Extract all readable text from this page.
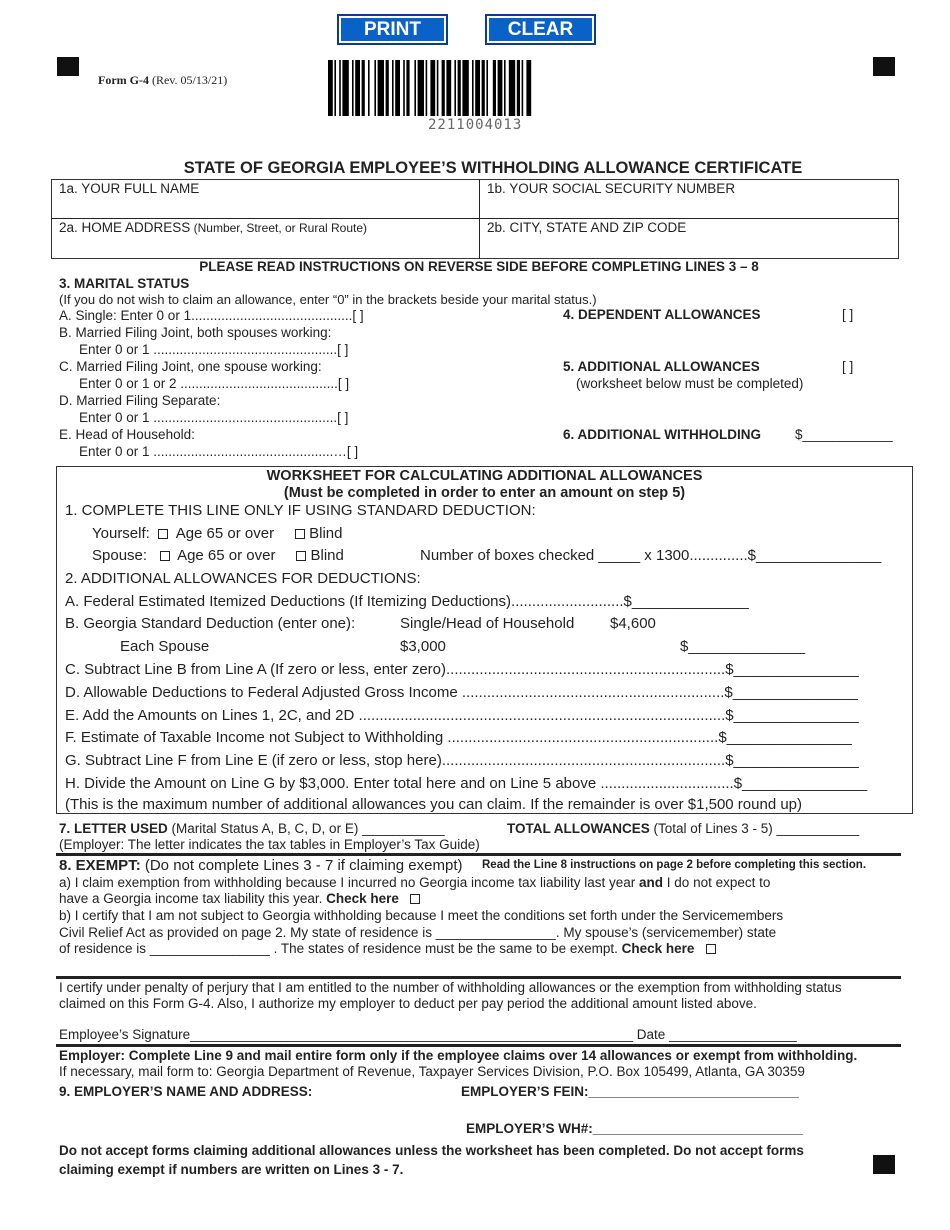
PRINT	CLEAR
Form G-4 (Rev. 05/13/21)
2211004013
STATE OF GEORGIA EMPLOYEE’S WITHHOLDING ALLOWANCE CERTIFICATE
1a. YOUR FULL NAME	1b. YOUR SOCIAL SECURITY NUMBER
2a. HOME ADDRESS (Number, Street, or Rural Route)	2b. CITY, STATE AND ZIP CODE
PLEASE READ INSTRUCTIONS ON REVERSE SIDE BEFORE COMPLETING LINES 3 – 8
3. MARITAL STATUS
(If you do not wish to claim an allowance, enter “0” in the brackets beside your marital status.)
A. Single: Enter 0 or 1...........................................[ ]
B. Married Filing Joint, both spouses working:
Enter 0 or 1 .................................................[ ]
C. Married Filing Joint, one spouse working:
Enter 0 or 1 or 2 ..........................................[ ]
D. Married Filing Separate:
Enter 0 or 1 .................................................[ ]
E. Head of Household:
Enter 0 or 1 ................................................…[ ]
4. DEPENDENT ALLOWANCES	[ ]
5. ADDITIONAL ALLOWANCES	[ ]
(worksheet below must be completed)
6. ADDITIONAL WITHHOLDING	$____________
WORKSHEET FOR CALCULATING ADDITIONAL ALLOWANCES
(Must be completed in order to enter an amount on step 5)
1. COMPLETE THIS LINE ONLY IF USING STANDARD DEDUCTION:
Yourself: Age 65 or over Blind
Spouse: Age 65 or over Blind	Number of boxes checked _____ x 1300..............$_______________
2. ADDITIONAL ALLOWANCES FOR DEDUCTIONS:
A. Federal Estimated Itemized Deductions (If Itemizing Deductions)...........................$______________
B. Georgia Standard Deduction (enter one):	Single/Head of Household $4,600
Each Spouse	$3,000	$______________
C. Subtract Line B from Line A (If zero or less, enter zero)...................................................................$_______________
D. Allowable Deductions to Federal Adjusted Gross Income ...............................................................$_______________
E. Add the Amounts on Lines 1, 2C, and 2D ........................................................................................$_______________
F. Estimate of Taxable Income not Subject to Withholding .................................................................$_______________
G. Subtract Line F from Line E (if zero or less, stop here)....................................................................$_______________
H. Divide the Amount on Line G by $3,000. Enter total here and on Line 5 above ................................$_______________
(This is the maximum number of additional allowances you can claim. If the remainder is over $1,500 round up)
7. LETTER USED (Marital Status A, B, C, D, or E) ___________	TOTAL ALLOWANCES (Total of Lines 3 - 5) ___________
(Employer: The letter indicates the tax tables in Employer’s Tax Guide)
8. EXEMPT: (Do not complete Lines 3 - 7 if claiming exempt) Read the Line 8 instructions on page 2 before completing this section.
a) I claim exemption from withholding because I incurred no Georgia income tax liability last year and I do not expect to
have a Georgia income tax liability this year. Check here
b) I certify that I am not subject to Georgia withholding because I meet the conditions set forth under the Servicemembers
Civil Relief Act as provided on page 2. My state of residence is ________________. My spouse’s (servicemember) state
of residence is ________________ . The states of residence must be the same to be exempt. Check here
I certify under penalty of perjury that I am entitled to the number of withholding allowances or the exemption from withholding status
claimed on this Form G-4. Also, I authorize my employer to deduct per pay period the additional amount listed above.
Employee’s Signature___________________________________________________________ Date _________________
Employer: Complete Line 9 and mail entire form only if the employee claims over 14 allowances or exempt from withholding.
If necessary, mail form to: Georgia Department of Revenue, Taxpayer Services Division, P.O. Box 105499, Atlanta, GA 30359
9. EMPLOYER’S NAME AND ADDRESS:	EMPLOYER’S FEIN:____________________________
EMPLOYER’S WH#:____________________________
Do not accept forms claiming additional allowances unless the worksheet has been completed. Do not accept forms
claiming exempt if numbers are written on Lines 3 - 7.
